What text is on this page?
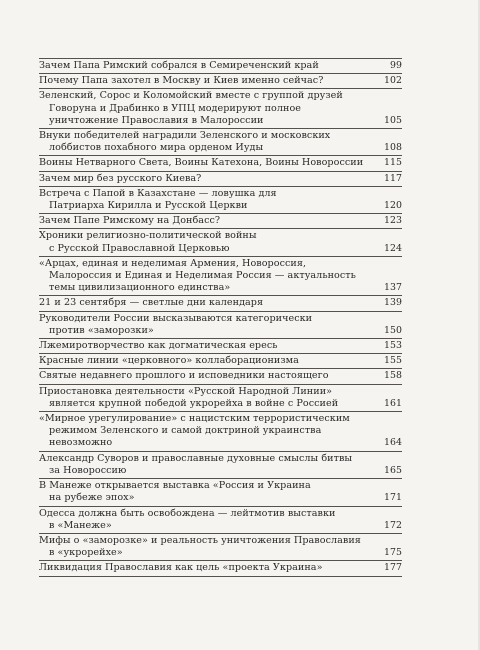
Зачем Папа Римский собрался в Семиреченский край	99
Почему Папа захотел в Москву и Киев именно сейчас?	102
Зеленский, Сорос и Коломойский вместе с группой друзей
Говоруна и Драбинко в УПЦ модерируют полное
уничтожение Православия в Малороссии	105
Внуки победителей наградили Зеленского и московских
лоббистов похабного мира орденом Иуды	108
Воины Нетварного Света, Воины Катехона, Воины Новороссии	115
Зачем мир без русского Киева?	117
Встреча с Папой в Казахстане — ловушка для
Патриарха Кирилла и Русской Церкви	120
Зачем Папе Римскому на Донбасс?	123
Хроники религиозно-политической войны
с Русской Православной Церковью	124
«Арцах, единая и неделимая Армения, Новороссия,
Малороссия и Единая и Неделимая Россия — актуальность
темы цивилизационного единства»	137
21 и 23 сентября — светлые дни календаря	139
Руководители России высказываются категорически
против «заморозки»	150
Лжемиротворчество как догматическая ересь	153
Красные линии «церковного» коллаборационизма	155
Святые недавнего прошлого и исповедники настоящего	158
Приостановка деятельности «Русской Народной Линии»
является крупной победой укрорейха в войне с Россией	161
«Мирное урегулирование» с нацистским террористическим
режимом Зеленского и самой доктриной украинства
невозможно	164
Александр Суворов и православные духовные смыслы битвы
за Новороссию	165
В Манеже открывается выставка «Россия и Украина
на рубеже эпох»	171
Одесса должна быть освобождена — лейтмотив выставки
в «Манеже»	172
Мифы о «заморозке» и реальность уничтожения Православия
в «укрорейхе»	175
Ликвидация Православия как цель «проекта Украина»	177
